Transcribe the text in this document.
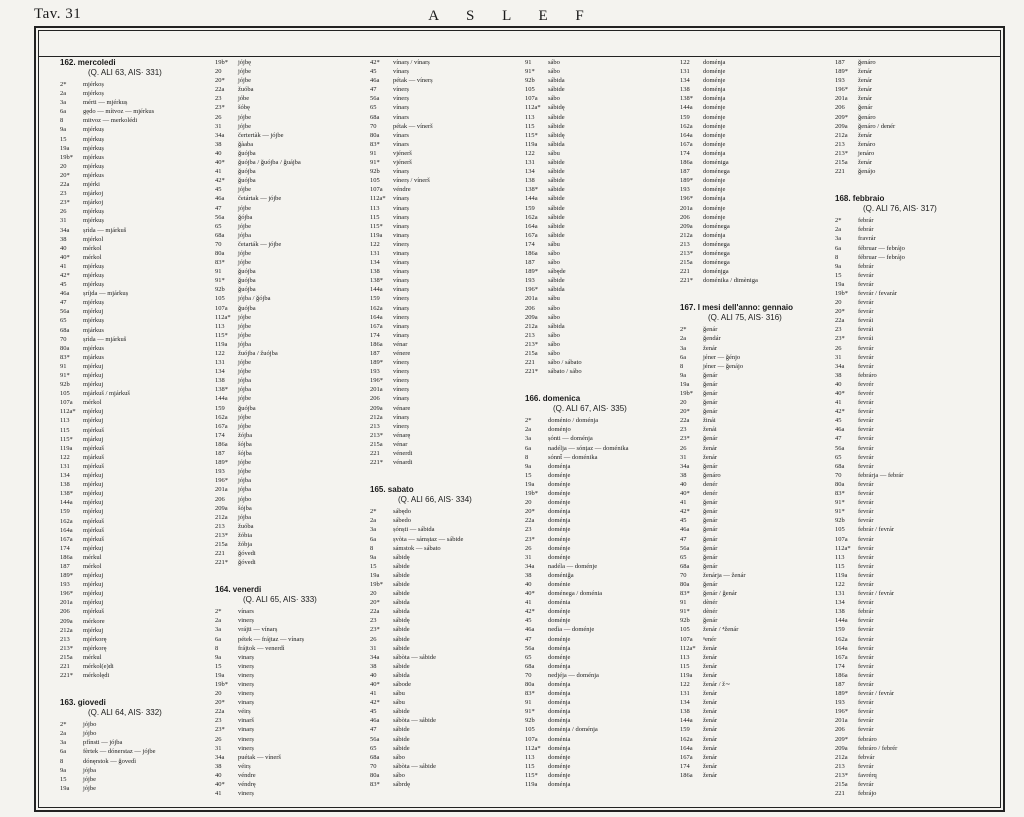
Tav. 31	A S L E F
162. mercoledi
(Q. ALI 63, AIS· 331)
2*	mjérkoș
2a	mjérkoș
3a	mérti — mjérkuș
6a	gędo — mítvoz — mjérkus
8	mitvoz — merkolédi
9a	mjérkuș
15	mjérkuș
19a mjérkuș
19b* mjérkus
20	mjérkuș
20* mjérkus
22a mjérki
23	mjárkoj
23* mjárkoj
26	mjérkuș
31	mjérkuș
34a șrìda — mjárkuš
38	mjérkol
40	mérkol
40* mérkol
41	mjérkuș
42* mjérkuș
45	mjérkuș
46a șríjda — mjárkuș
47	mjérkuș
56a mjérkuj
65	mjérkuș
68a mjárkus
70	șrìda — mjárkuš
80a mjérkus
83* mjárkus
91	mjérkuj
91* mjérkuj
92b mjérkuj
105 mjárkuš / mjárkuš
107a mérkol
112a* mjérkuj
113 mjérkuj
115 mjérkuš
115* mjárkuj
119a mjérkuš
122 mjárkuš
131 mjérkuš
134 mjérkuj
138 mjérkuj
138* mjérkuj
144a mjérkuj
159 mjérkuj
162a mjérkuš
164a mjérkuš
167a mjérkuš
174 mjérkuj
186a mérkul
187 mérkol
189* mjérkuj
193 mjérkuj
196* mjérkuj
201a mjérkuj
206 mjérkuš
209a mérkore
212a mjérkuj
213 mjérkorę
213* mjérkorę
215a mérkul
221 mérkol(e)di
221* mérkolędi
163. giovedi
(Q. ALI 64, AIS· 332)
2*	jójbo
2a	jójbo
3a	pfínsti — jójba
6a	fèrtek — dónerstaz — jójbe
8	dónęrstok — ğovedì
9a	jójba
15	jójbe
19a jójbe
19b* jójbę
20	jójbe
20* jójbe
22a žuóba
23	jóbe
23* šóbę
26	jójbe
31	jójbe
34a čertertàk — jójbe
38	ğàaba
40	ğuójba
40* ğuójba / ğuójba / ğuájba
41	ğuójba
42* ğuójba
45	jójbe
46a četártak — jójbe
47	jójbe
56a ğójba
65	jójbe
68a jójba
70	četarták — jójbe
80a jójbe
83* jójbe
91	ğuójba
91* ğuójba
92b ğuójba
105 jójba / ğójba
107a ğuójba
112a* jójbe
113 jójbe
115* jójbe
119a jójba
122 žuójba / žuójba
131 jójbe
134 jójbe
138 jójba
138* jójba
144a jójbe
159 ğuójba
162a jójbe
167a jójbe
174 žójba
186a šójba
187 šójba
189* jójbe
193 jójbe
196* jójba
201a jójba
206 jójbo
209a šójba
212a jójba
213 žuóba
213* žóbia
215a žóbja
221 ğóvedi
221* ğóvedi
164. venerdi
(Q. ALI 65, AIS· 333)
2*	vínars
2a	vinerș
3a	vrájti — vínarș
6a	pétek — frájtaz — vínarș
8	frájtok — venerdì
9a	vinarș
15	vinerș
19a vinerș
19b* vinerș
20	vinerș
20* vinarș
22a véirș
23	vinarš
23* vinarș
26	vinerș
31	vinerș
34a puétak — vínerš
38	véirș
40	véndre
40* véndrę
41	vinerș
42* vínarș / vínarș
45	vínarș
46a pétak — vínerș
47	vínerș
56a vínerș
65	vínarș
68a vínars
70	pétak — vínerš
80a vínars
83* vínars
91	vjénerš
91* vjénerš
92b vínarș
105 vínerș / vínerš
107a véndre
112a* vínarș
113 vínarș
115 vínarș
115* vínarș
119a vinarș
122 vínerș
131 vinarș
134 vínarș
138 vínarș
138* vínarș
144a vínarș
159 vínerș
162a vínarș
164a vínerș
167a vínarș
174 vínarș
186a vénar
187 vénere
189* vínerș
193 vínerș
196* vínerș
201a vínerș
206 vínarș
209a vénare
212a vínarș
213 vínerș
213* vénarę
215a vénar
221 vénerdi
221* vénardi
165. sabato
(Q. ALI 66, AIS· 334)
2*	sábędo
2a	sábedo
3a	șónști — sábida
6a	șvòta — sámștaz — sábide
8	sámstok — sábato
9a	sábidę
15	sábide
19a sábide
19b* sábide
20	sábide
20* sábida
22a sábida
23	sábidę
23* sábide
26	sábide
31	sábide
34a sábòta — sábide
38	sábide
40	sábida
40* sábode
41	sábu
42* sábu
45	sábide
46a sábòta — sábide
47	sábide
56a sábide
65	sábide
68a sábo
70	sábòta — sábide
80a sábo
83* sábrdę
91	sábo
91* sábo
92b sábida
105 sábide
107a sábo
112a* sábidę
113 sábide
115 sábide
115* sábidę
119a sábida
122 sábu
131 sábide
134 sábide
138 sábide
138* sábide
144a sábide
159 sábide
162a sábide
164a sábide
167a sábide
174 sábu
186a sábo
187 sábo
189* sábęde
193 sábide
196* sábida
201a sábu
206 sábo
209a sábo
212a sábida
213 sábo
213* sábo
215a sábo
221 sábo / sábato
221* sábato / sábo
166. domenica
(Q. ALI 67, AIS· 335)
2*	doménio / doménja
2a	doménjo
3a	șónti — doménja
6a	nadélja — sónțaz — doménika
8	sónnt̂ — doménika
9a	doménja
15	doménje
19a doménje
19b* doménje
20	doménje
20* doménja
22a doménja
23	doménje
23* doménje
26	doménje
31	doménje
34a nadéla — doménje
38	doméniğa
40	doménie
40* doménega / doménia
41	doménia
42* doménje
45	doménje
46a nedìa — doménje
47	doménje
56a doménja
65	doménje
68a doménja
70	nedjéja — doménja
80a doménja
83* doménja
91	doménja
91* doménja
92b doménja
105 doménja / doménja
107a doménia
112a* doménja
113 doménje
115 doménje
115* doménje
119a doménja
122 doménja
131 doménje
134 doménje
138 doménja
138* doménja
144a doménje
159 doménje
162a doménje
164a doménje
167a doménje
174 doménja
186a doméniga
187 doménega
189* doménje
193 doménje
196* doménja
201a doménje
206 doménje
209a doménega
212a doménja
213 doménega
213* doménega
215a doménega
221 doménjga
221* doménika / dimèniga
167. I mesi dell'anno: gennaio
(Q. ALI 75, AIS· 316)
2*	ğenár
2a	ğendár
3a	ženár
6a	jéner — ğénjo
8	jéner — ğenájo
9a	ğenár
19a ğenár
19b* ğenár
20	ğenár
20* ğenár
22a žinái
23	ženái
23* ğenár
26	ženár
31	ženár
34a ğenár
38	ğenáro
40	denér
40* denér
41	ğenár
42* ğenár
45	ğenár
46a ğenár
47	ğenár
56a ğenár
65	ğenár
68a ğenár
70	ženárja — ženár
80a ğenár
83* ğenár / ğenár
91	dènér
91* dènér
92b ğenár
105 ženár / ⁴ženár
107a ⁿenér
112a* ženár
113 ženár
115 ženár
119a ženár
122 ženár / ž∼
131 ženár
134 ženár
138 ženár
144a ženár
159 ženár
162a ženár
164a ženár
167a ženár
174 ženár
186a ženár
187 ğenáro
189* ženár
193 ženár
196* ženár
201a ženár
206 ğenár
209* ğenáro
209a ğenáro / denér
212a ženár
213 ženáro
213* jenáro
215a ženár
221 ğenájo
168. febbraio
(Q. ALI 76, AIS· 317)
2*	febrár
2a	febrár
3a	fravrár
6a	fébruar — febrájo
8	fébruar — febrájo
9a	febrár
15	fevrár
19a fevrár
19b* fevrár / fevarár
20	fevrár
20* fevrár
22a fevrái
23	fevrái
23* fevrái
26	fevrár
31	fevrár
34a fevrár
38	febráro
40	fevrér
40* fevrér
41	fevrár
42* fevrár
45	fevrár
46a fevrár
47	fevrár
56a fevrár
65	fevrár
68a fevrár
70	febrárja — febrár
80a fevrár
83* fevrár
91* fevrár
91* fevrár
92b fevrár
105 febrár / fevrár
107a fevrár
112a* fevrár
113 fevrár
115 fevrár
119a fevrár
122 fevrár
131 fevrár / fevrár
134 fevrár
138 febrár
144a fevrár
159 fevrár
162a fevrár
164a fevrár
167a fevrár
174 fevrár
186a fevrár
187 fevrár
189* fevrár / fevrár
193 fevrár
196* fevrár
201a fevrár
206 fevrár
209* febráro
209a febráro / febrér
212a febvár
213 fevrár
213* favrérq
215a fevrár
221 febrájo
